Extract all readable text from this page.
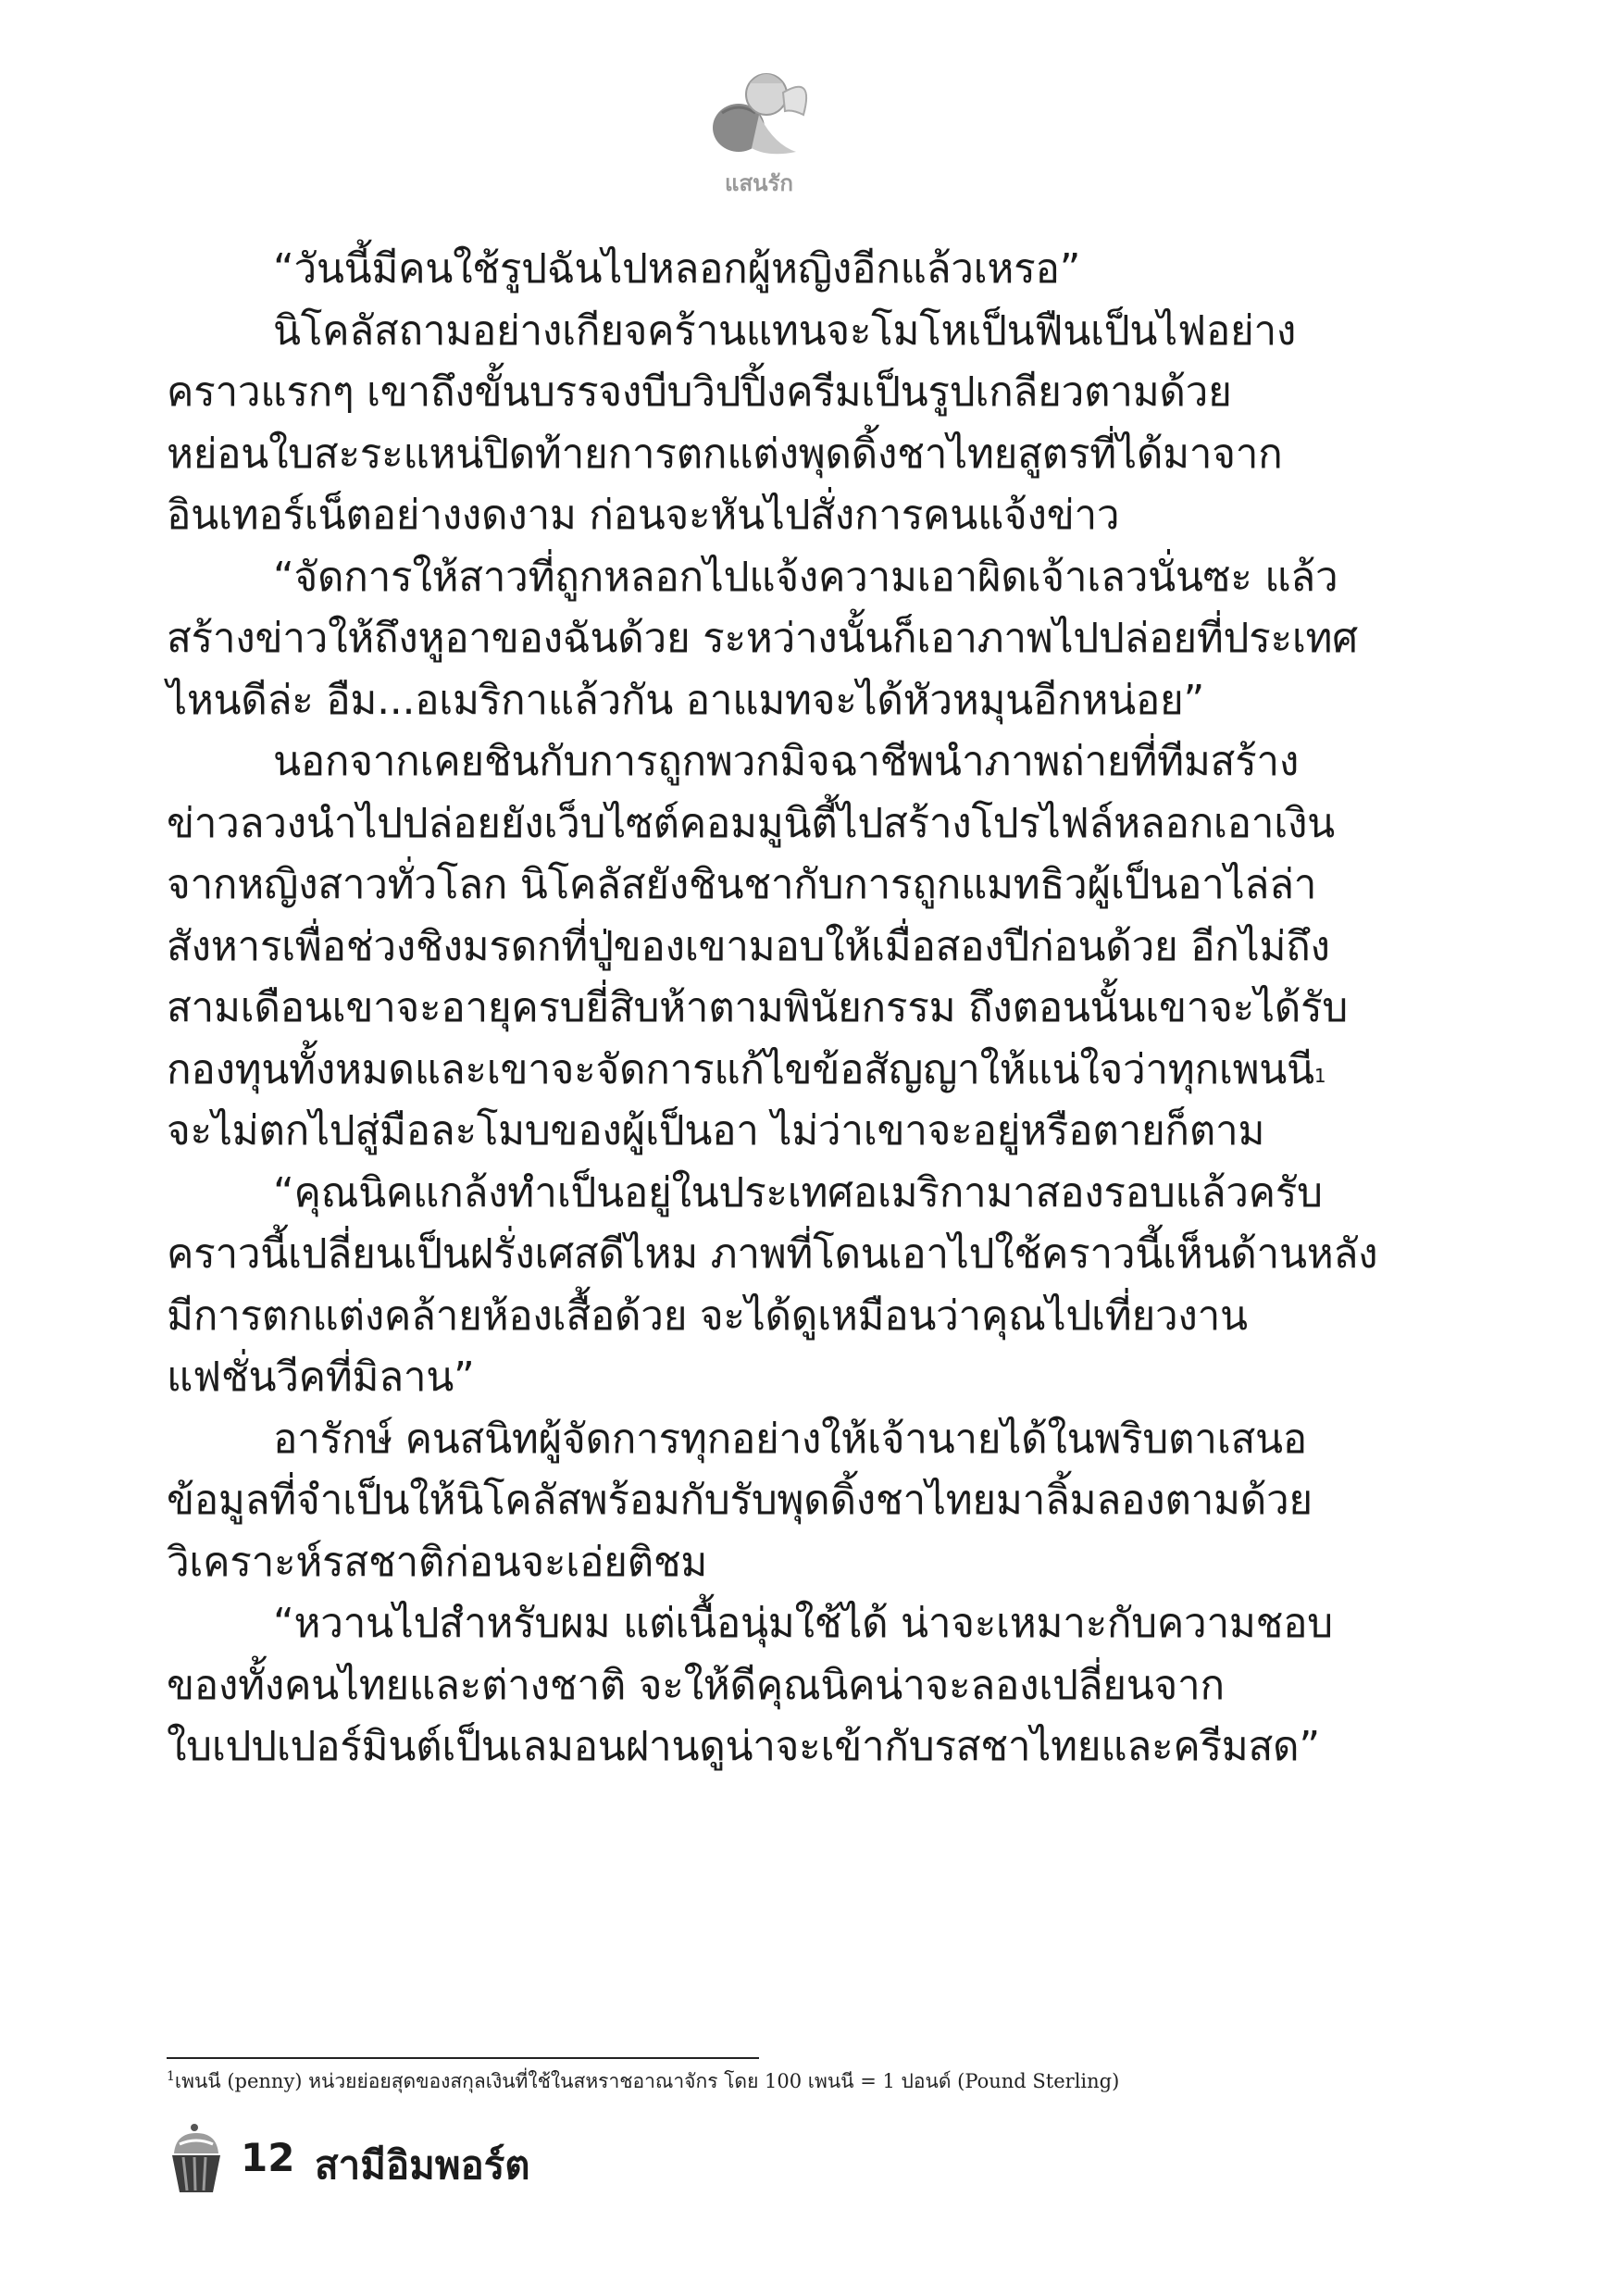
แสนรัก
“วันนี้มีคนใช้รูปฉันไปหลอกผู้หญิงอีกแล้วเหรอ”
นิโคลัสถามอย่างเกียจคร้านแทนจะโมโหเป็นฟืนเป็นไฟอย่าง
คราวแรกๆ เขาถึงขั้นบรรจงบีบวิปปิ้งครีมเป็นรูปเกลียวตามด้วย
หย่อนใบสะระแหน่ปิดท้ายการตกแต่งพุดดิ้งชาไทยสูตรที่ได้มาจาก
อินเทอร์เน็ตอย่างงดงาม ก่อนจะหันไปสั่งการคนแจ้งข่าว
“จัดการให้สาวที่ถูกหลอกไปแจ้งความเอาผิดเจ้าเลวนั่นซะ แล้ว
สร้างข่าวให้ถึงหูอาของฉันด้วย ระหว่างนั้นก็เอาภาพไปปล่อยที่ประเทศ
ไหนดีล่ะ อืม...อเมริกาแล้วกัน อาแมทจะได้หัวหมุนอีกหน่อย”
นอกจากเคยชินกับการถูกพวกมิจฉาชีพนำภาพถ่ายที่ทีมสร้าง
ข่าวลวงนำไปปล่อยยังเว็บไซต์คอมมูนิตี้ไปสร้างโปรไฟล์หลอกเอาเงิน
จากหญิงสาวทั่วโลก นิโคลัสยังชินชากับการถูกแมทธิวผู้เป็นอาไล่ล่า
สังหารเพื่อช่วงชิงมรดกที่ปู่ของเขามอบให้เมื่อสองปีก่อนด้วย อีกไม่ถึง
สามเดือนเขาจะอายุครบยี่สิบห้าตามพินัยกรรม ถึงตอนนั้นเขาจะได้รับ
กองทุนทั้งหมดและเขาจะจัดการแก้ไขข้อสัญญาให้แน่ใจว่าทุกเพนนี$^1$
จะไม่ตกไปสู่มือละโมบของผู้เป็นอา ไม่ว่าเขาจะอยู่หรือตายก็ตาม
“คุณนิคแกล้งทำเป็นอยู่ในประเทศอเมริกามาสองรอบแล้วครับ
คราวนี้เปลี่ยนเป็นฝรั่งเศสดีไหม ภาพที่โดนเอาไปใช้คราวนี้เห็นด้านหลัง
มีการตกแต่งคล้ายห้องเสื้อด้วย จะได้ดูเหมือนว่าคุณไปเที่ยวงาน
แฟชั่นวีคที่มิลาน”
อารักษ์ คนสนิทผู้จัดการทุกอย่างให้เจ้านายได้ในพริบตาเสนอ
ข้อมูลที่จำเป็นให้นิโคลัสพร้อมกับรับพุดดิ้งชาไทยมาลิ้มลองตามด้วย
วิเคราะห์รสชาติก่อนจะเอ่ยติชม
“หวานไปสำหรับผม แต่เนื้อนุ่มใช้ได้ น่าจะเหมาะกับความชอบ
ของทั้งคนไทยและต่างชาติ จะให้ดีคุณนิคน่าจะลองเปลี่ยนจาก
ใบเปปเปอร์มินต์เป็นเลมอนฝานดูน่าจะเข้ากับรสชาไทยและครีมสด”
$^1$เพนนี (penny) หน่วยย่อยสุดของสกุลเงินที่ใช้ในสหราชอาณาจักร โดย 100 เพนนี = 1 ปอนด์ (Pound Sterling)
12 สามีอิมพอร์ต
